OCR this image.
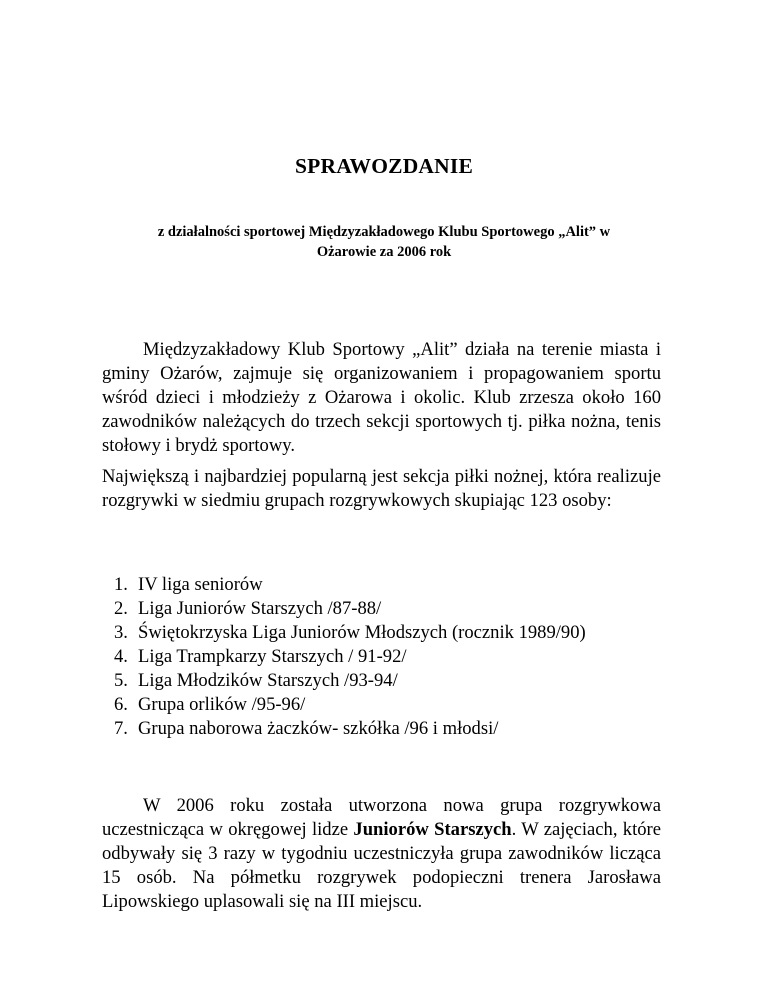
SPRAWOZDANIE
z działalności sportowej Międzyzakładowego Klubu Sportowego „Alit” w
Ożarowie za 2006 rok

Międzyzakładowy Klub Sportowy „Alit” działa na terenie miasta i gminy Ożarów, zajmuje się organizowaniem i propagowaniem sportu wśród dzieci i młodzieży z Ożarowa i okolic. Klub zrzesza około 160 zawodników należących do trzech sekcji sportowych tj. piłka nożna, tenis stołowy i brydż sportowy.

Największą i najbardziej popularną jest sekcja piłki nożnej, która realizuje rozgrywki w siedmiu grupach rozgrywkowych skupiając 123 osoby:

1. IV liga seniorów
2. Liga Juniorów Starszych /87-88/
3. Świętokrzyska Liga Juniorów Młodszych (rocznik 1989/90)
4. Liga Trampkarzy Starszych / 91-92/
5. Liga Młodzików Starszych /93-94/
6. Grupa orlików /95-96/
7. Grupa naborowa żaczków- szkółka /96 i młodsi/

W 2006 roku została utworzona nowa grupa rozgrywkowa uczestnicząca w okręgowej lidze Juniorów Starszych. W zajęciach, które odbywały się 3 razy w tygodniu uczestniczyła grupa zawodników licząca 15 osób. Na półmetku rozgrywek podopieczni trenera Jarosława Lipowskiego uplasowali się na III miejscu.
